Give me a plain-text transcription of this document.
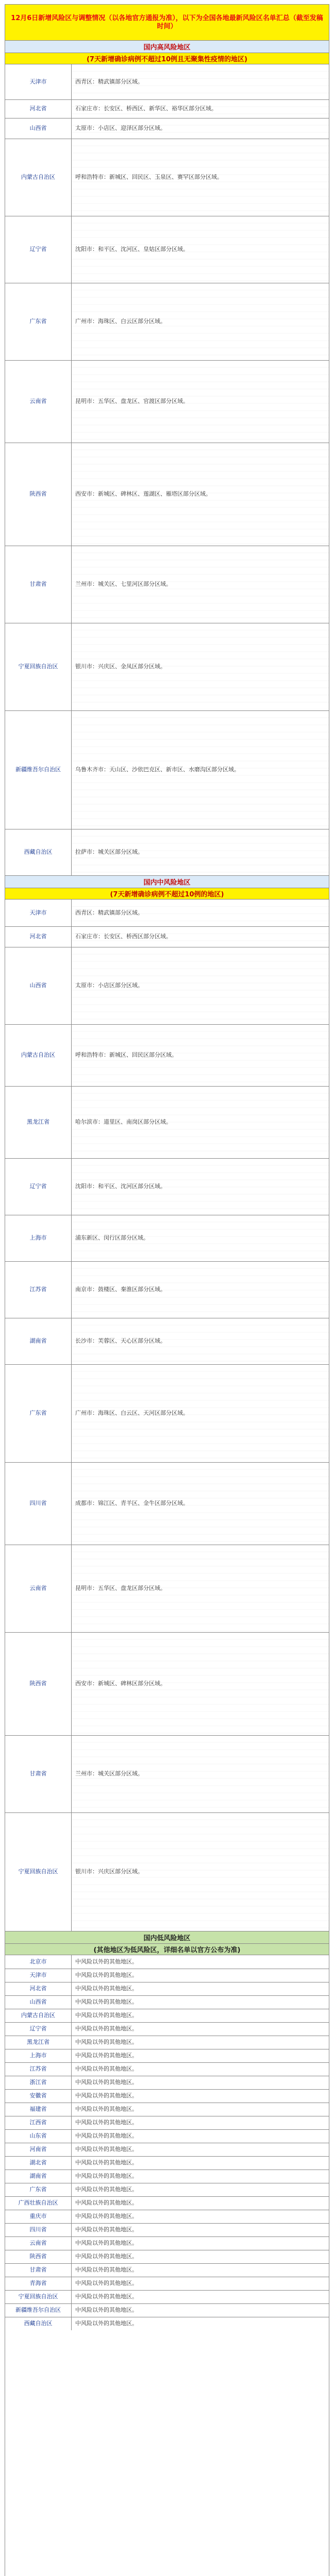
12月6日新增风险区与调整情况（以各地官方通报为准），以下为全国各地最新风险区名单汇总（截至发稿时间）
国内高风险地区
(7天新增确诊病例不超过10例且无聚集性疫情的地区)
天津市	西青区：精武镇部分区域。
河北省	石家庄市：长安区、桥西区、新华区、裕华区部分区域。
山西省	太原市：小店区、迎泽区部分区域。
内蒙古自治区	呼和浩特市：新城区、回民区、玉泉区、赛罕区部分区域。
辽宁省	沈阳市：和平区、沈河区、皇姑区部分区域。
广东省	广州市：海珠区、白云区部分区域。
云南省	昆明市：五华区、盘龙区、官渡区部分区域。
陕西省	西安市：新城区、碑林区、莲湖区、雁塔区部分区域。
甘肃省	兰州市：城关区、七里河区部分区域。
宁夏回族自治区	银川市：兴庆区、金凤区部分区域。
新疆维吾尔自治区	乌鲁木齐市：天山区、沙依巴克区、新市区、水磨沟区部分区域。
西藏自治区	拉萨市：城关区部分区域。
国内中风险地区
(7天新增确诊病例不超过10例的地区)
天津市	西青区：精武镇部分区域。
河北省	石家庄市：长安区、桥西区部分区域。
山西省	太原市：小店区部分区域。
内蒙古自治区	呼和浩特市：新城区、回民区部分区域。
黑龙江省	哈尔滨市：道里区、南岗区部分区域。
辽宁省	沈阳市：和平区、沈河区部分区域。
上海市	浦东新区、闵行区部分区域。
江苏省	南京市：鼓楼区、秦淮区部分区域。
湖南省	长沙市：芙蓉区、天心区部分区域。
广东省	广州市：海珠区、白云区、天河区部分区域。
四川省	成都市：锦江区、青羊区、金牛区部分区域。
云南省	昆明市：五华区、盘龙区部分区域。
陕西省	西安市：新城区、碑林区部分区域。
甘肃省	兰州市：城关区部分区域。
宁夏回族自治区	银川市：兴庆区部分区域。
国内低风险地区
(其他地区为低风险区，详细名单以官方公布为准)
北京市	中风险以外的其他地区。
天津市	中风险以外的其他地区。
河北省	中风险以外的其他地区。
山西省	中风险以外的其他地区。
内蒙古自治区	中风险以外的其他地区。
辽宁省	中风险以外的其他地区。
黑龙江省	中风险以外的其他地区。
上海市	中风险以外的其他地区。
江苏省	中风险以外的其他地区。
浙江省	中风险以外的其他地区。
安徽省	中风险以外的其他地区。
福建省	中风险以外的其他地区。
江西省	中风险以外的其他地区。
山东省	中风险以外的其他地区。
河南省	中风险以外的其他地区。
湖北省	中风险以外的其他地区。
湖南省	中风险以外的其他地区。
广东省	中风险以外的其他地区。
广西壮族自治区	中风险以外的其他地区。
重庆市	中风险以外的其他地区。
四川省	中风险以外的其他地区。
云南省	中风险以外的其他地区。
陕西省	中风险以外的其他地区。
甘肃省	中风险以外的其他地区。
青海省	中风险以外的其他地区。
宁夏回族自治区	中风险以外的其他地区。
新疆维吾尔自治区	中风险以外的其他地区。
西藏自治区	中风险以外的其他地区。
